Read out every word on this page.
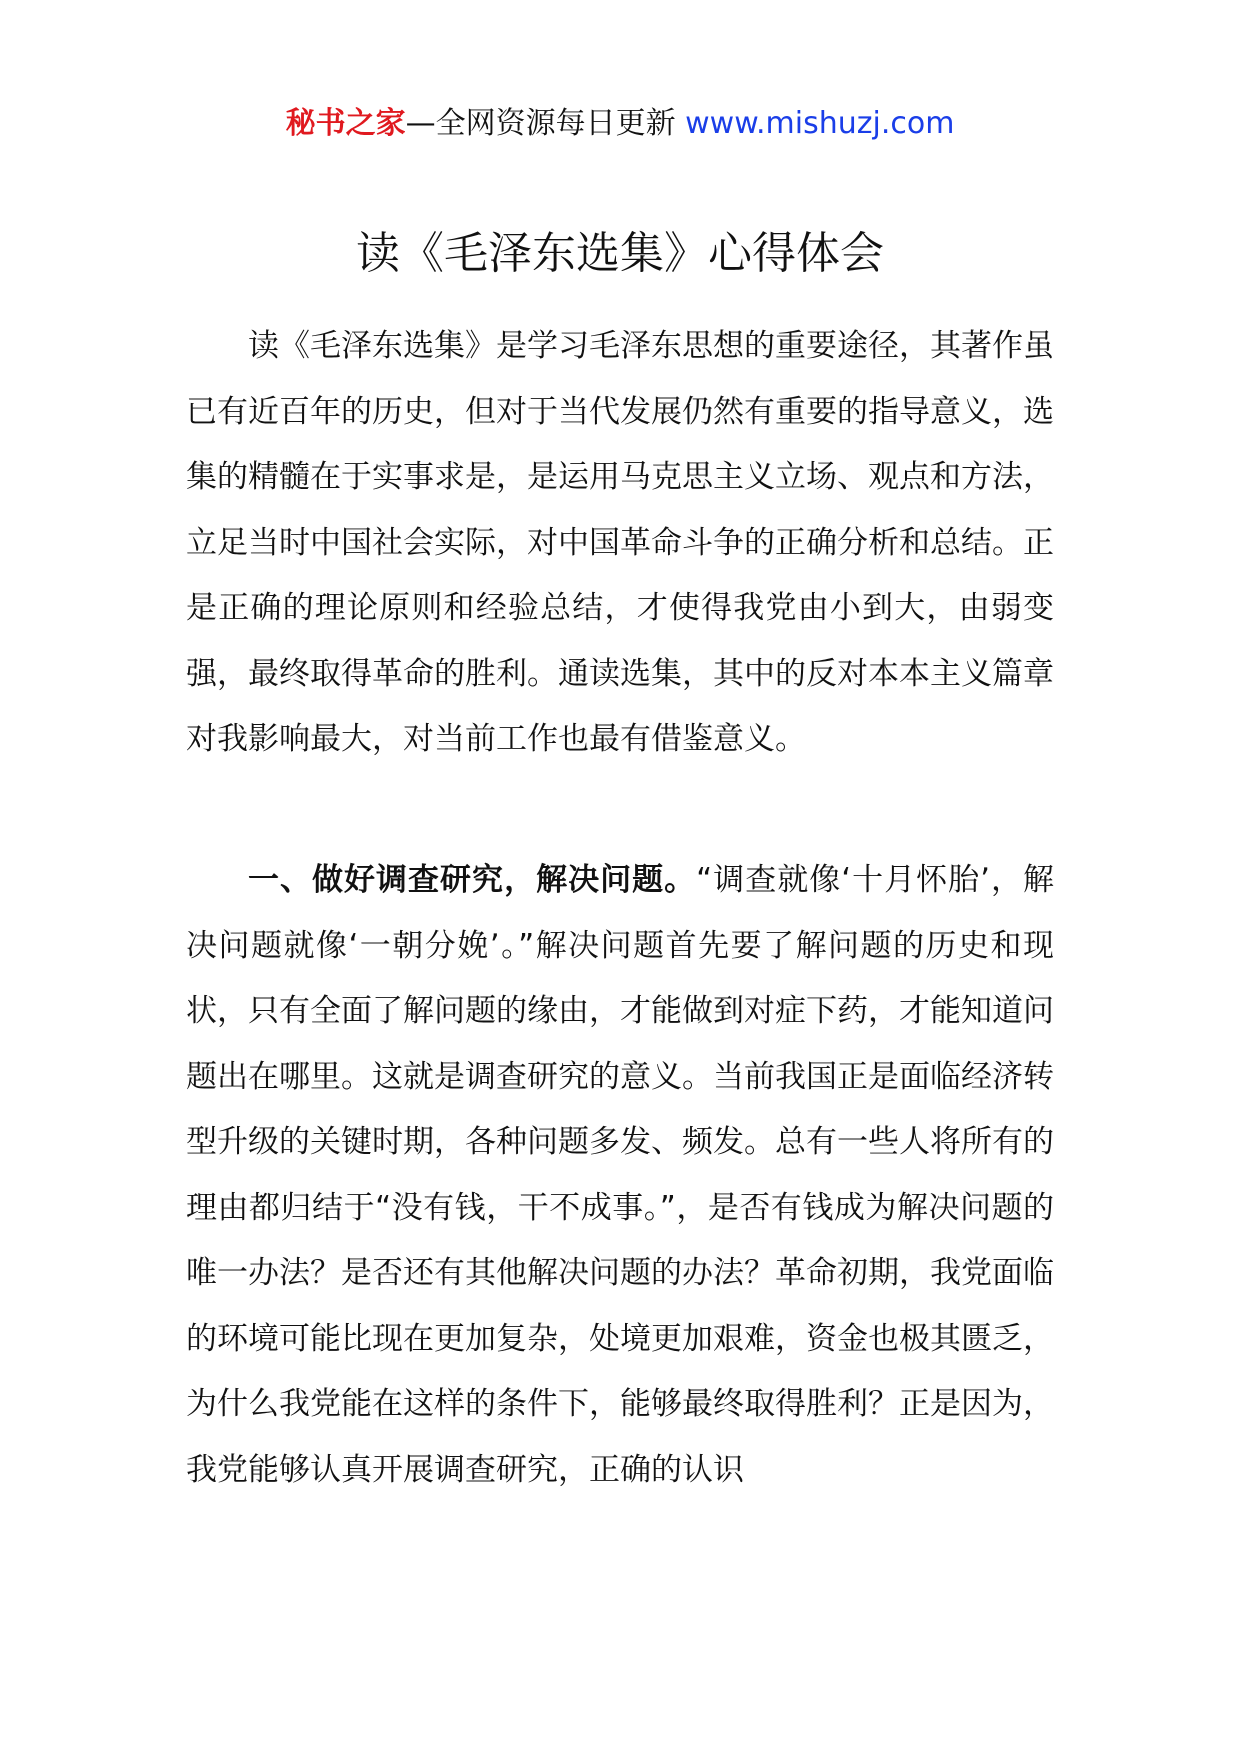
秘书之家—全网资源每日更新 www.mishuzj.com
读《毛泽东选集》心得体会

读《毛泽东选集》是学习毛泽东思想的重要途径，其著作虽已有近百年的历史，但对于当代发展仍然有重要的指导意义，选集的精髓在于实事求是，是运用马克思主义立场、观点和方法，立足当时中国社会实际，对中国革命斗争的正确分析和总结。正是正确的理论原则和经验总结，才使得我党由小到大，由弱变强，最终取得革命的胜利。通读选集，其中的反对本本主义篇章对我影响最大，对当前工作也最有借鉴意义。

一、做好调查研究，解决问题。“调查就像‘十月怀胎’，解决问题就像‘一朝分娩’。”解决问题首先要了解问题的历史和现状，只有全面了解问题的缘由，才能做到对症下药，才能知道问题出在哪里。这就是调查研究的意义。当前我国正是面临经济转型升级的关键时期，各种问题多发、频发。总有一些人将所有的理由都归结于“没有钱，干不成事。”，是否有钱成为解决问题的唯一办法？是否还有其他解决问题的办法？革命初期，我党面临的环境可能比现在更加复杂，处境更加艰难，资金也极其匮乏，为什么我党能在这样的条件下，能够最终取得胜利？正是因为，我党能够认真开展调查研究，正确的认识
